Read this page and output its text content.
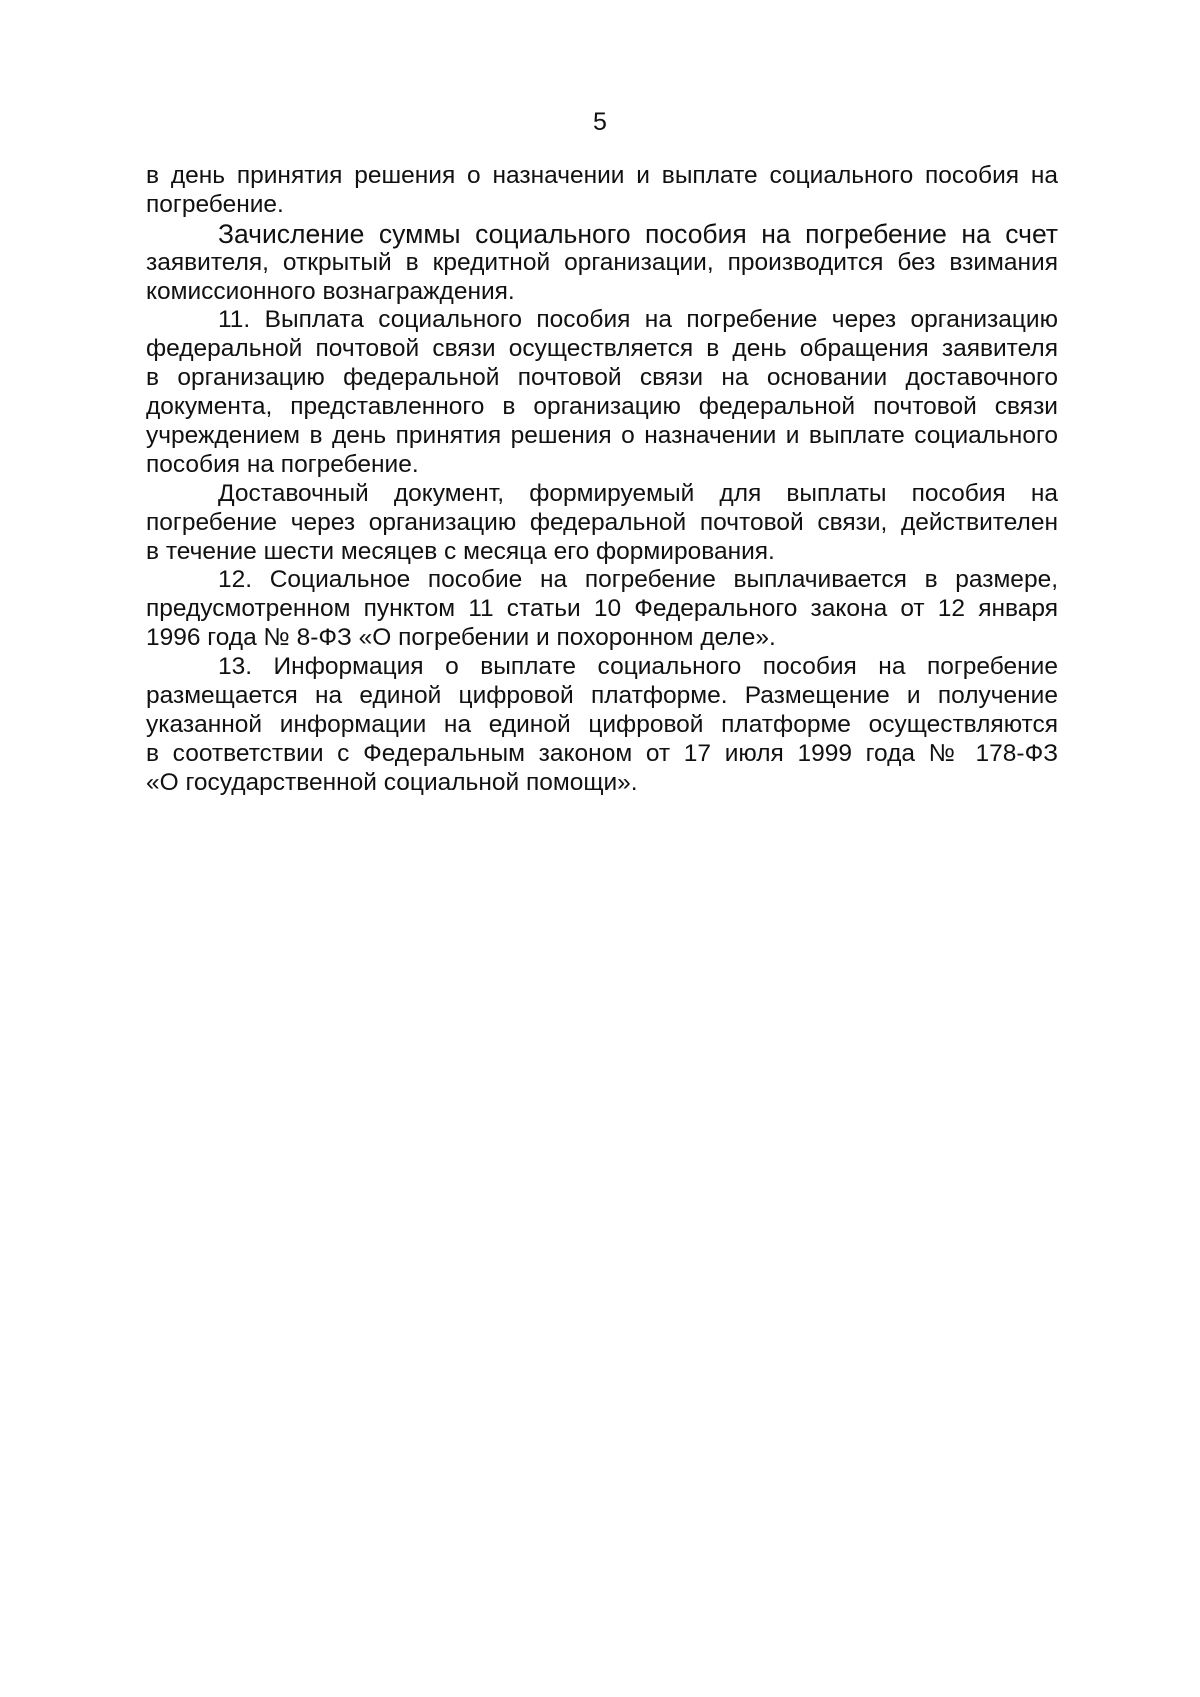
5
в день принятия решения о назначении и выплате социального пособия на
погребение.
Зачисление суммы социального пособия на погребение на счет
заявителя, открытый в кредитной организации, производится без взимания
комиссионного вознаграждения.
11. Выплата социального пособия на погребение через организацию
федеральной почтовой связи осуществляется в день обращения заявителя
в организацию федеральной почтовой связи на основании доставочного
документа, представленного в организацию федеральной почтовой связи
учреждением в день принятия решения о назначении и выплате социального
пособия на погребение.
Доставочный документ, формируемый для выплаты пособия на
погребение через организацию федеральной почтовой связи, действителен
в течение шести месяцев с месяца его формирования.
12. Социальное пособие на погребение выплачивается в размере,
предусмотренном пунктом 11 статьи 10 Федерального закона от 12 января
1996 года № 8-ФЗ «О погребении и похоронном деле».
13. Информация о выплате социального пособия на погребение
размещается на единой цифровой платформе. Размещение и получение
указанной информации на единой цифровой платформе осуществляются
в соответствии с Федеральным законом от 17 июля 1999 года № 178-ФЗ
«О государственной социальной помощи».
